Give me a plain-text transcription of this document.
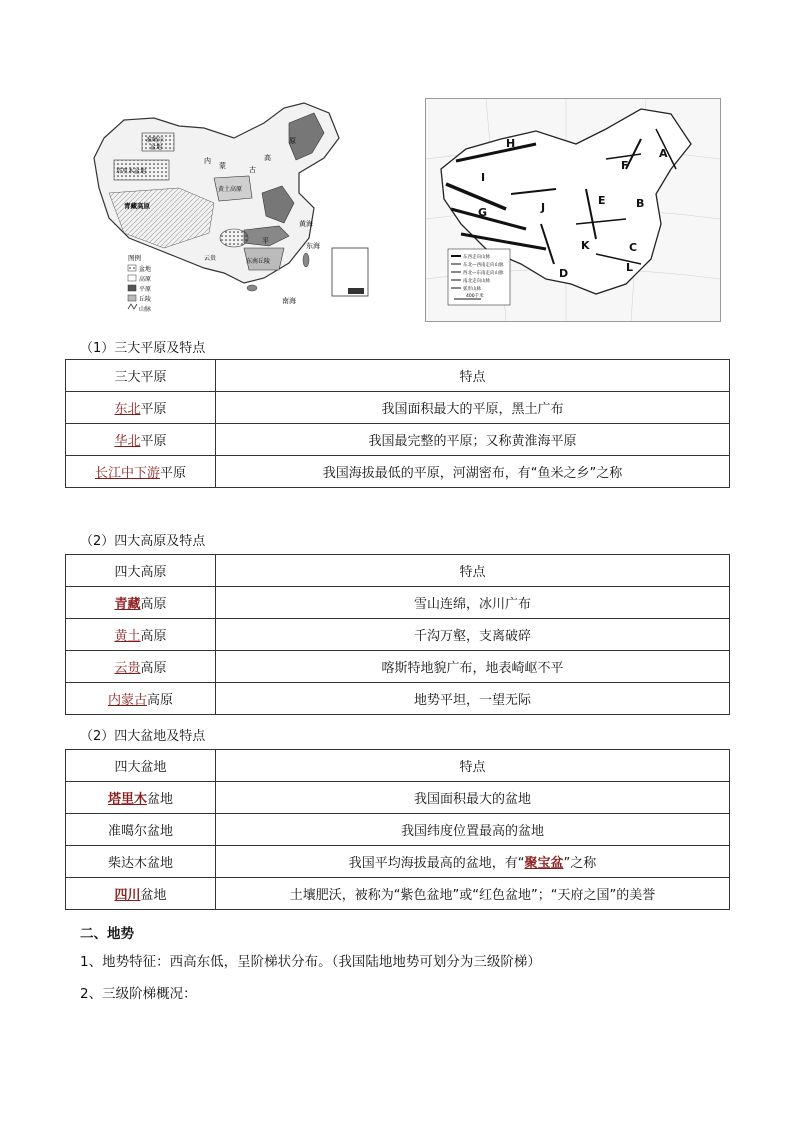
准噶尔
盆地
塔里木盆地
青藏高原
内
蒙	古
高
原
黄土高原
黄海
东海
东南丘陵
云贵
平
南海
图例
盆地
高原
平原
丘陵
山脉
A
B
C
D
E
F
G
H
I
J
K
L
东西走向山脉
东北—西南走向山脉
西北—东南走向山脉
南北走向山脉
弧形山脉
400千米
（1）三大平原及特点
三大平原	特点
东北平原	我国面积最大的平原，黑土广布
华北平原	我国最完整的平原；又称黄淮海平原
长江中下游平原	我国海拔最低的平原，河湖密布，有“鱼米之乡”之称
（2）四大高原及特点
四大高原	特点
青藏高原	雪山连绵，冰川广布
黄土高原	千沟万壑，支离破碎
云贵高原	喀斯特地貌广布，地表崎岖不平
内蒙古高原	地势平坦，一望无际
（2）四大盆地及特点
四大盆地	特点
塔里木盆地	我国面积最大的盆地
准噶尔盆地	我国纬度位置最高的盆地
柴达木盆地	我国平均海拔最高的盆地，有“聚宝盆”之称
四川盆地	土壤肥沃，被称为“紫色盆地”或“红色盆地”；“天府之国”的美誉
二、地势
1、地势特征：西高东低，呈阶梯状分布。（我国陆地地势可划分为三级阶梯）
2、三级阶梯概况：
